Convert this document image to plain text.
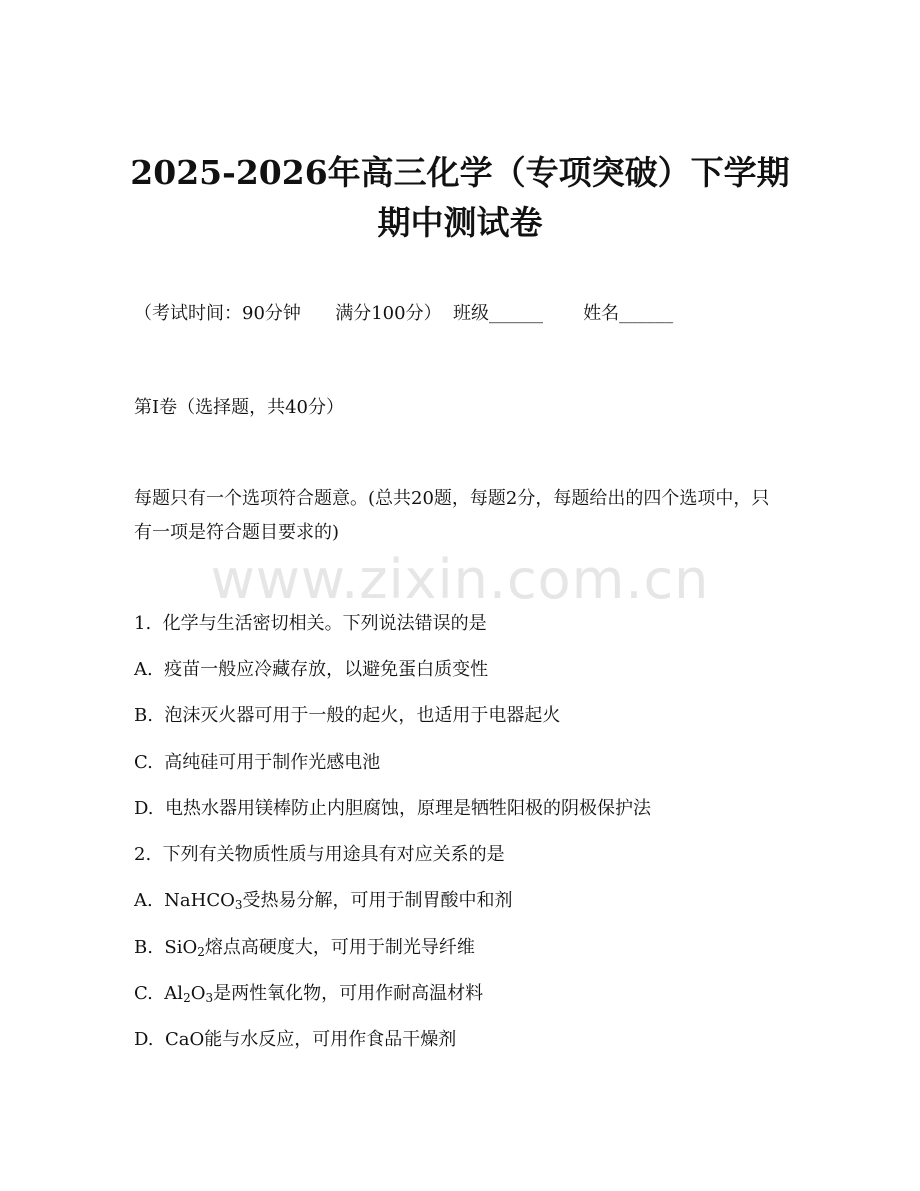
www.zixin.com.cn
2025-2026年高三化学（专项突破）下学期
期中测试卷

（考试时间：90分钟      满分100分）  班级______       姓名______

第I卷（选择题，共40分）

每题只有一个选项符合题意。(总共20题，每题2分，每题给出的四个选项中，只有一项是符合题目要求的)

1.  化学与生活密切相关。下列说法错误的是

A.  疫苗一般应冷藏存放，以避免蛋白质变性

B.  泡沫灭火器可用于一般的起火，也适用于电器起火

C.  高纯硅可用于制作光感电池

D.  电热水器用镁棒防止内胆腐蚀，原理是牺牲阳极的阴极保护法

2.  下列有关物质性质与用途具有对应关系的是

A.  NaHCO$_3$受热易分解，可用于制胃酸中和剂

B.  SiO$_2$熔点高硬度大，可用于制光导纤维

C.  $Al_2O_3$是两性氧化物，可用作耐高温材料

D.  CaO能与水反应，可用作食品干燥剂
